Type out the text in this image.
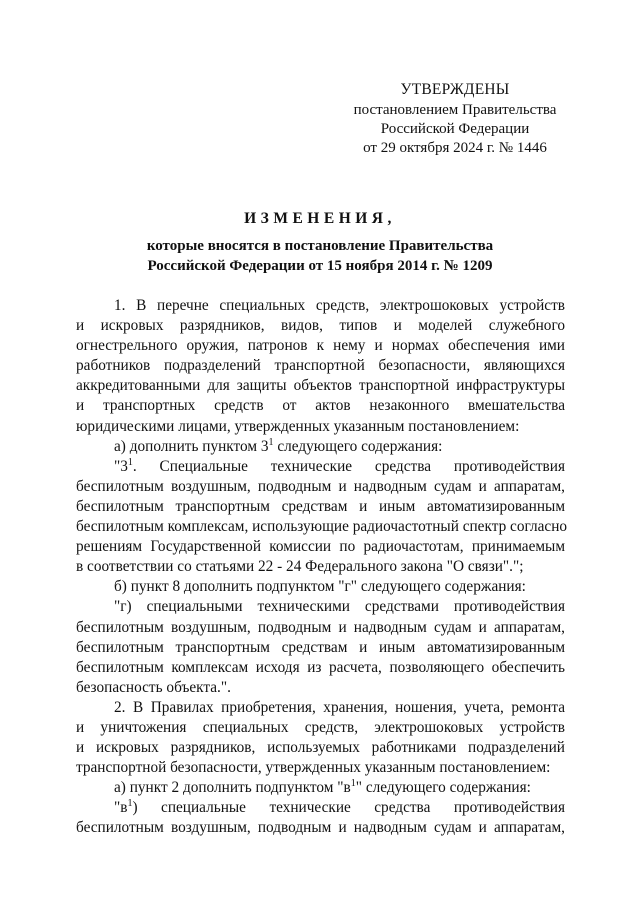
УТВЕРЖДЕНЫ
постановлением Правительства
Российской Федерации
от 29 октября 2024 г. № 1446
ИЗМЕНЕНИЯ,
которые вносятся в постановление Правительства
Российской Федерации от 15 ноября 2014 г. № 1209
1. В перечне специальных средств, электрошоковых устройств
и искровых разрядников, видов, типов и моделей служебного
огнестрельного оружия, патронов к нему и нормах обеспечения ими
работников подразделений транспортной безопасности, являющихся
аккредитованными для защиты объектов транспортной инфраструктуры
и транспортных средств от актов незаконного вмешательства
юридическими лицами, утвержденных указанным постановлением:
а) дополнить пунктом $3^1$ следующего содержания:
"$3^1$. Специальные технические средства противодействия
беспилотным воздушным, подводным и надводным судам и аппаратам,
беспилотным транспортным средствам и иным автоматизированным
беспилотным комплексам, использующие радиочастотный спектр согласно
решениям Государственной комиссии по радиочастотам, принимаемым
в соответствии со статьями 22 - 24 Федерального закона "О связи".";
б) пункт 8 дополнить подпунктом "г" следующего содержания:
"г) специальными техническими средствами противодействия
беспилотным воздушным, подводным и надводным судам и аппаратам,
беспилотным транспортным средствам и иным автоматизированным
беспилотным комплексам исходя из расчета, позволяющего обеспечить
безопасность объекта.".
2. В Правилах приобретения, хранения, ношения, учета, ремонта
и уничтожения специальных средств, электрошоковых устройств
и искровых разрядников, используемых работниками подразделений
транспортной безопасности, утвержденных указанным постановлением:
а) пункт 2 дополнить подпунктом "$в^1$" следующего содержания:
"$в^1$) специальные технические средства противодействия
беспилотным воздушным, подводным и надводным судам и аппаратам,
